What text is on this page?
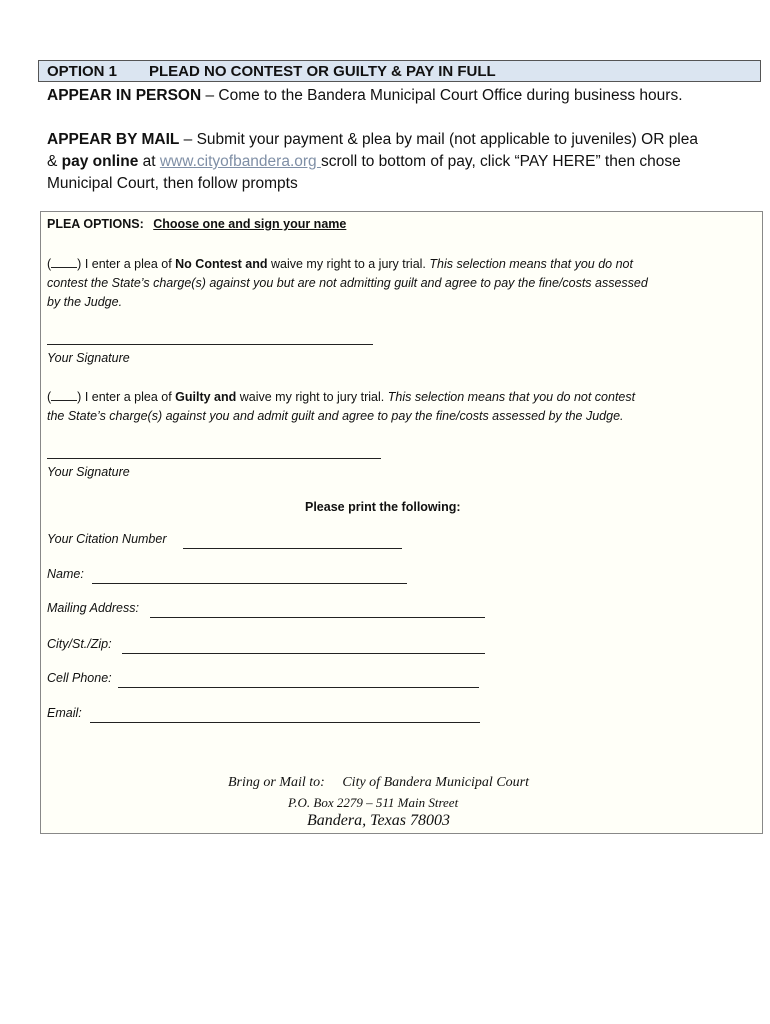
OPTION 1 PLEAD NO CONTEST OR GUILTY & PAY IN FULL
APPEAR IN PERSON – Come to the Bandera Municipal Court Office during business hours.
APPEAR BY MAIL – Submit your payment & plea by mail (not applicable to juveniles) OR plea
& pay online at www.cityofbandera.org scroll to bottom of pay, click “PAY HERE” then chose
Municipal Court, then follow prompts
PLEA OPTIONS: Choose one and sign your name
( ) I enter a plea of No Contest and waive my right to a jury trial. This selection means that you do not
contest the State’s charge(s) against you but are not admitting guilt and agree to pay the fine/costs assessed
by the Judge.
Your Signature
( ) I enter a plea of Guilty and waive my right to jury trial. This selection means that you do not contest
the State’s charge(s) against you and admit guilt and agree to pay the fine/costs assessed by the Judge.
Your Signature
Please print the following:
Your Citation Number
Name:
Mailing Address:
City/St./Zip:
Cell Phone:
Email:
Bring or Mail to: City of Bandera Municipal Court
P.O. Box 2279 – 511 Main Street
Bandera, Texas 78003
